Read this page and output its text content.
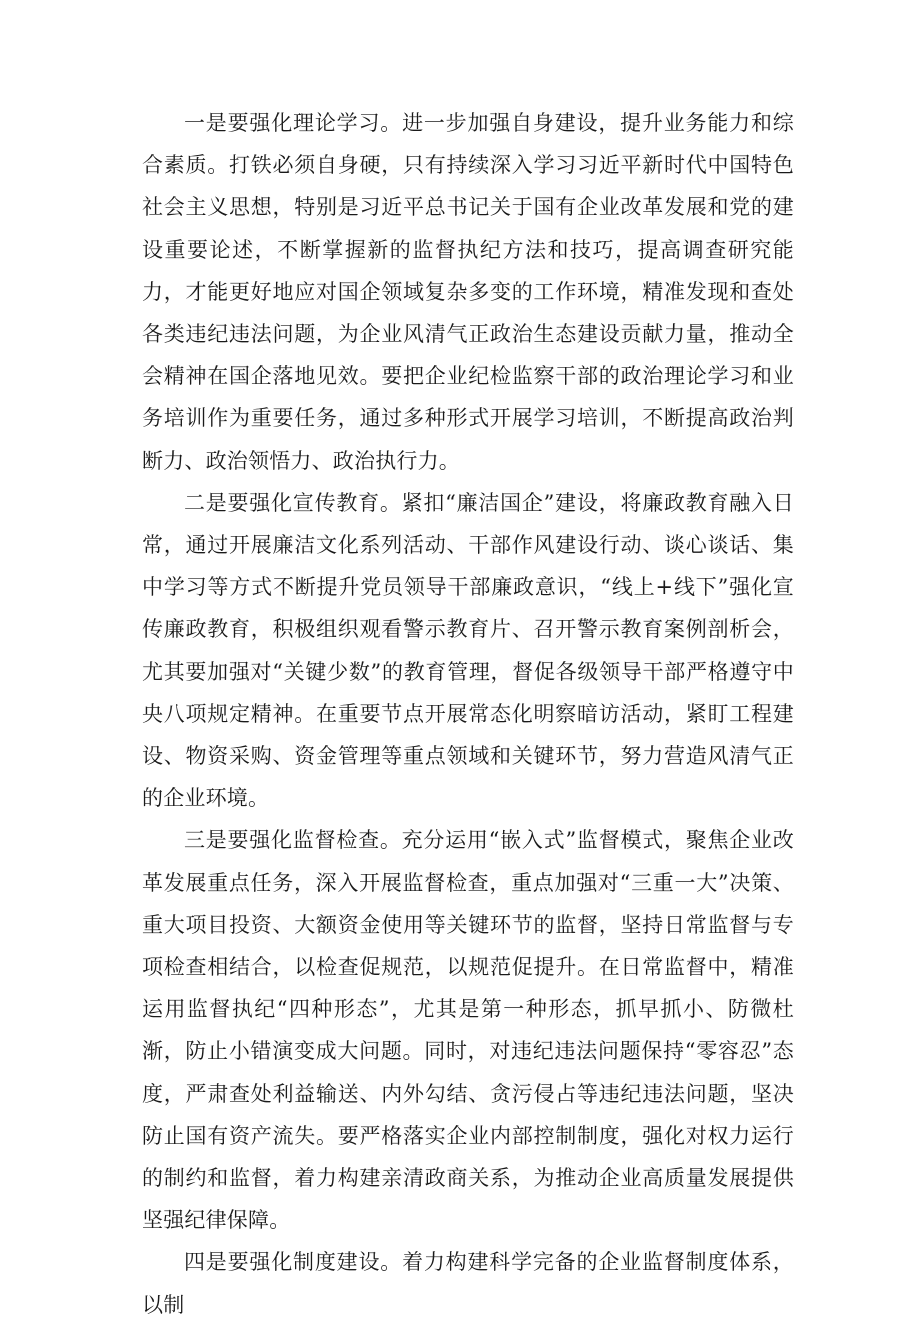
一是要强化理论学习。进一步加强自身建设，提升业务能力和综合素质。打铁必须自身硬，只有持续深入学习习近平新时代中国特色社会主义思想，特别是习近平总书记关于国有企业改革发展和党的建设重要论述，不断掌握新的监督执纪方法和技巧，提高调查研究能力，才能更好地应对国企领域复杂多变的工作环境，精准发现和查处各类违纪违法问题，为企业风清气正政治生态建设贡献力量，推动全会精神在国企落地见效。要把企业纪检监察干部的政治理论学习和业务培训作为重要任务，通过多种形式开展学习培训，不断提高政治判断力、政治领悟力、政治执行力。

二是要强化宣传教育。紧扣“廉洁国企”建设，将廉政教育融入日常，通过开展廉洁文化系列活动、干部作风建设行动、谈心谈话、集中学习等方式不断提升党员领导干部廉政意识，“线上+线下”强化宣传廉政教育，积极组织观看警示教育片、召开警示教育案例剖析会，尤其要加强对“关键少数”的教育管理，督促各级领导干部严格遵守中央八项规定精神。在重要节点开展常态化明察暗访活动，紧盯工程建设、物资采购、资金管理等重点领域和关键环节，努力营造风清气正的企业环境。

三是要强化监督检查。充分运用“嵌入式”监督模式，聚焦企业改革发展重点任务，深入开展监督检查，重点加强对“三重一大”决策、重大项目投资、大额资金使用等关键环节的监督，坚持日常监督与专项检查相结合，以检查促规范，以规范促提升。在日常监督中，精准运用监督执纪“四种形态”，尤其是第一种形态，抓早抓小、防微杜渐，防止小错演变成大问题。同时，对违纪违法问题保持“零容忍”态度，严肃查处利益输送、内外勾结、贪污侵占等违纪违法问题，坚决防止国有资产流失。要严格落实企业内部控制制度，强化对权力运行的制约和监督，着力构建亲清政商关系，为推动企业高质量发展提供坚强纪律保障。

四是要强化制度建设。着力构建科学完备的企业监督制度体系，以制
